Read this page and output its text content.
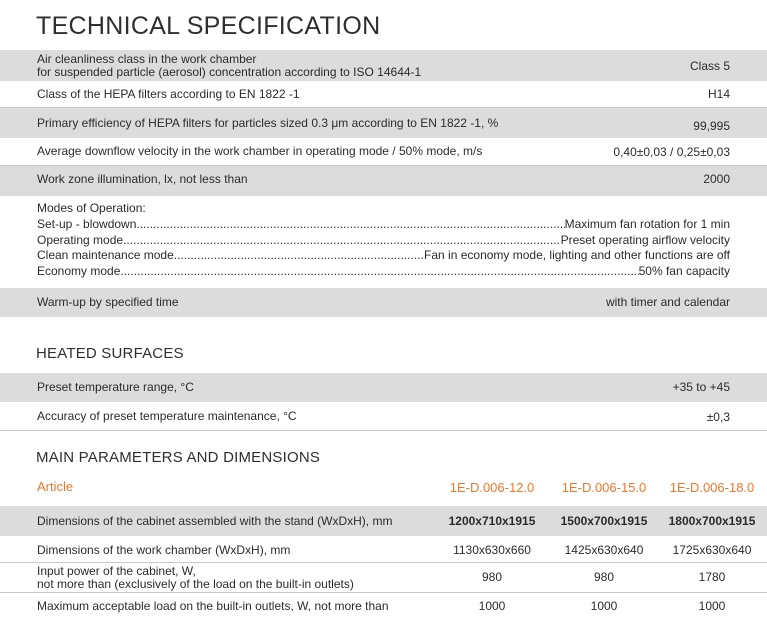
TECHNICAL SPECIFICATION
Air cleanliness class in the work chamber
for suspended particle (aerosol) concentration according to ISO 14644-1	Class 5
Class of the HEPA filters according to EN 1822 -1	H14
Primary efficiency of HEPA filters for particles sized 0.3 μm according to EN 1822 -1, %	99,995
Average downflow velocity in the work chamber in operating mode / 50% mode, m/s	0,40±0,03 / 0,25±0,03
Work zone illumination, lx, not less than	2000
Modes of Operation:
Set-up - blowdown .....	Maximum fan rotation for 1 min
Operating mode .....	Preset operating airflow velocity
Clean maintenance mode .....	Fan in economy mode, lighting and other functions are off
Economy mode .....	50% fan capacity
Warm-up by specified time	with timer and calendar
HEATED SURFACES
Preset temperature range, °C	+35 to +45
Accuracy of preset temperature maintenance, °C	±0,3
MAIN PARAMETERS AND DIMENSIONS
Article	1E-D.006-12.0	1E-D.006-15.0	1E-D.006-18.0
Dimensions of the cabinet assembled with the stand (WxDxH), mm	1200x710x1915	1500x700x1915	1800x700x1915
Dimensions of the work chamber (WxDxH), mm	1130x630x660	1425x630x640	1725x630x640
Input power of the cabinet, W,
not more than (exclusively of the load on the built-in outlets)	980	980	1780
Maximum acceptable load on the built-in outlets, W, not more than	1000	1000	1000
